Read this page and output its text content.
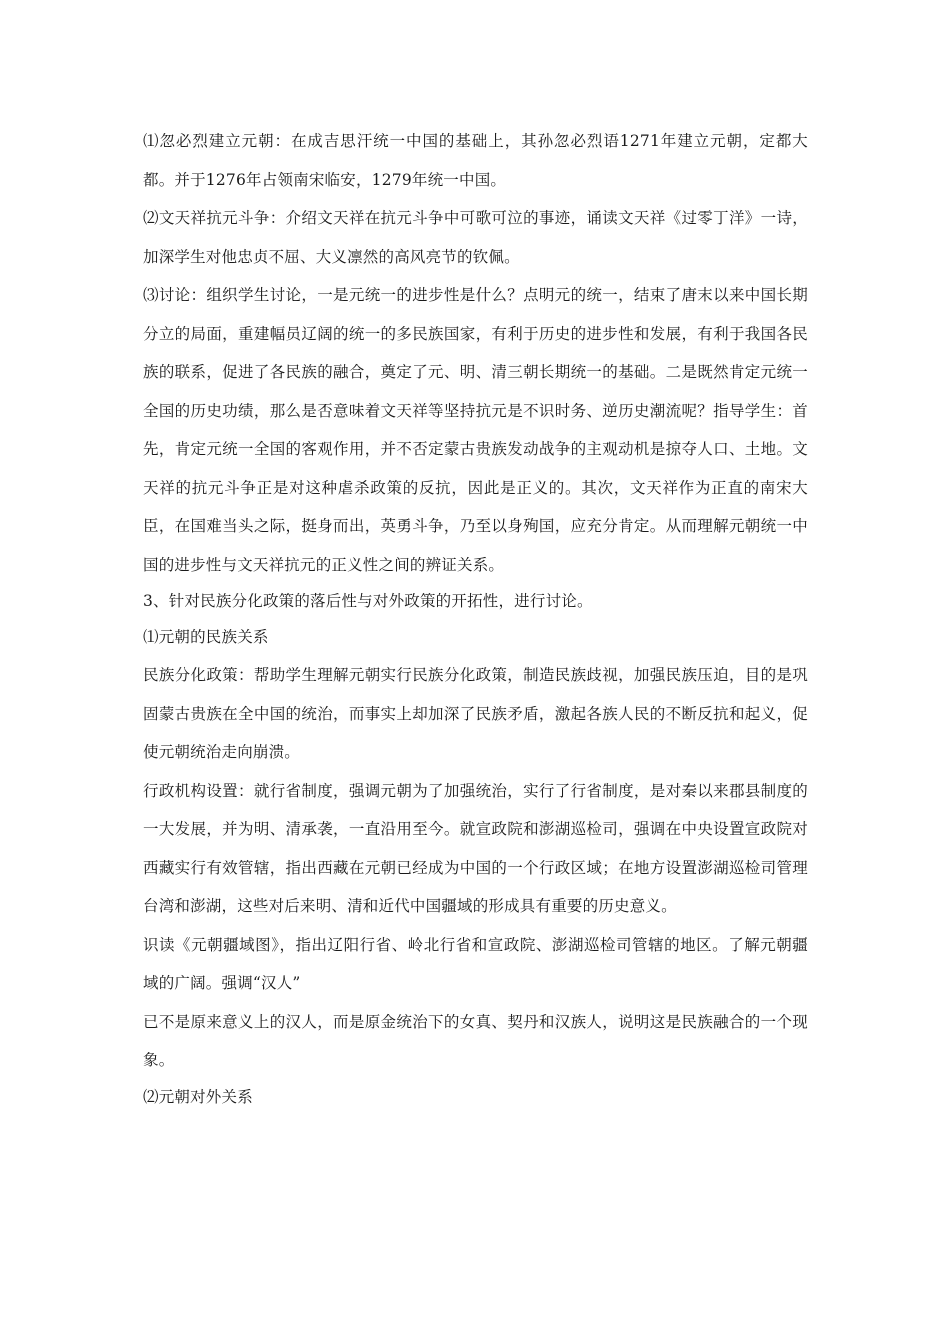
⑴忽必烈建立元朝：在成吉思汗统一中国的基础上，其孙忽必烈语1271年建立元朝，定都大都。并于1276年占领南宋临安，1279年统一中国。

⑵文天祥抗元斗争：介绍文天祥在抗元斗争中可歌可泣的事迹，诵读文天祥《过零丁洋》一诗，加深学生对他忠贞不屈、大义凛然的高风亮节的钦佩。

⑶讨论：组织学生讨论，一是元统一的进步性是什么？点明元的统一，结束了唐末以来中国长期分立的局面，重建幅员辽阔的统一的多民族国家，有利于历史的进步性和发展，有利于我国各民族的联系，促进了各民族的融合，奠定了元、明、清三朝长期统一的基础。二是既然肯定元统一全国的历史功绩，那么是否意味着文天祥等坚持抗元是不识时务、逆历史潮流呢？指导学生：首先，肯定元统一全国的客观作用，并不否定蒙古贵族发动战争的主观动机是掠夺人口、土地。文天祥的抗元斗争正是对这种虐杀政策的反抗，因此是正义的。其次，文天祥作为正直的南宋大臣，在国难当头之际，挺身而出，英勇斗争，乃至以身殉国，应充分肯定。从而理解元朝统一中国的进步性与文天祥抗元的正义性之间的辨证关系。

3、针对民族分化政策的落后性与对外政策的开拓性，进行讨论。

⑴元朝的民族关系

民族分化政策：帮助学生理解元朝实行民族分化政策，制造民族歧视，加强民族压迫，目的是巩固蒙古贵族在全中国的统治，而事实上却加深了民族矛盾，激起各族人民的不断反抗和起义，促使元朝统治走向崩溃。

行政机构设置：就行省制度，强调元朝为了加强统治，实行了行省制度，是对秦以来郡县制度的一大发展，并为明、清承袭，一直沿用至今。就宣政院和澎湖巡检司，强调在中央设置宣政院对西藏实行有效管辖，指出西藏在元朝已经成为中国的一个行政区域；在地方设置澎湖巡检司管理台湾和澎湖，这些对后来明、清和近代中国疆域的形成具有重要的历史意义。

识读《元朝疆域图》，指出辽阳行省、岭北行省和宣政院、澎湖巡检司管辖的地区。了解元朝疆域的广阔。强调“汉人”

已不是原来意义上的汉人，而是原金统治下的女真、契丹和汉族人，说明这是民族融合的一个现象。

⑵元朝对外关系
